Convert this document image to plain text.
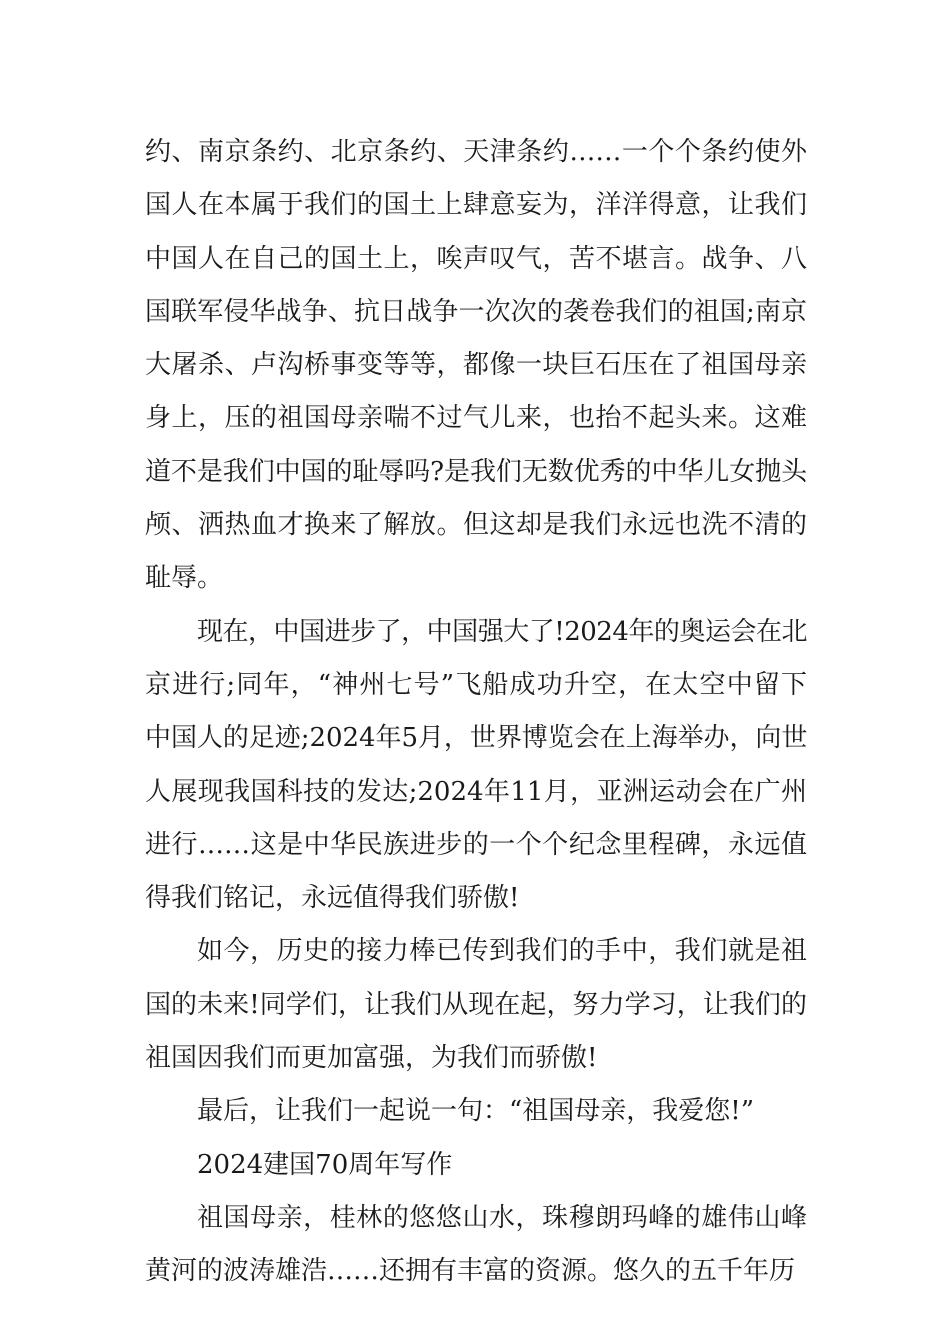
约、南京条约、北京条约、天津条约……一个个条约使外
国人在本属于我们的国土上肆意妄为，洋洋得意，让我们
中国人在自己的国土上，唉声叹气，苦不堪言。战争、八
国联军侵华战争、抗日战争一次次的袭卷我们的祖国;南京
大屠杀、卢沟桥事变等等，都像一块巨石压在了祖国母亲
身上，压的祖国母亲喘不过气儿来，也抬不起头来。这难
道不是我们中国的耻辱吗?是我们无数优秀的中华儿女抛头
颅、洒热血才换来了解放。但这却是我们永远也洗不清的
耻辱。
现在，中国进步了，中国强大了!2024年的奥运会在北
京进行;同年，“神州七号”飞船成功升空，在太空中留下
中国人的足迹;2024年5月，世界博览会在上海举办，向世
人展现我国科技的发达;2024年11月，亚洲运动会在广州
进行……这是中华民族进步的一个个纪念里程碑，永远值
得我们铭记，永远值得我们骄傲!
如今，历史的接力棒已传到我们的手中，我们就是祖
国的未来!同学们，让我们从现在起，努力学习，让我们的
祖国因我们而更加富强，为我们而骄傲!
最后，让我们一起说一句：“祖国母亲，我爱您!”
2024建国70周年写作
祖国母亲，桂林的悠悠山水，珠穆朗玛峰的雄伟山峰
黄河的波涛雄浩……还拥有丰富的资源。悠久的五千年历
